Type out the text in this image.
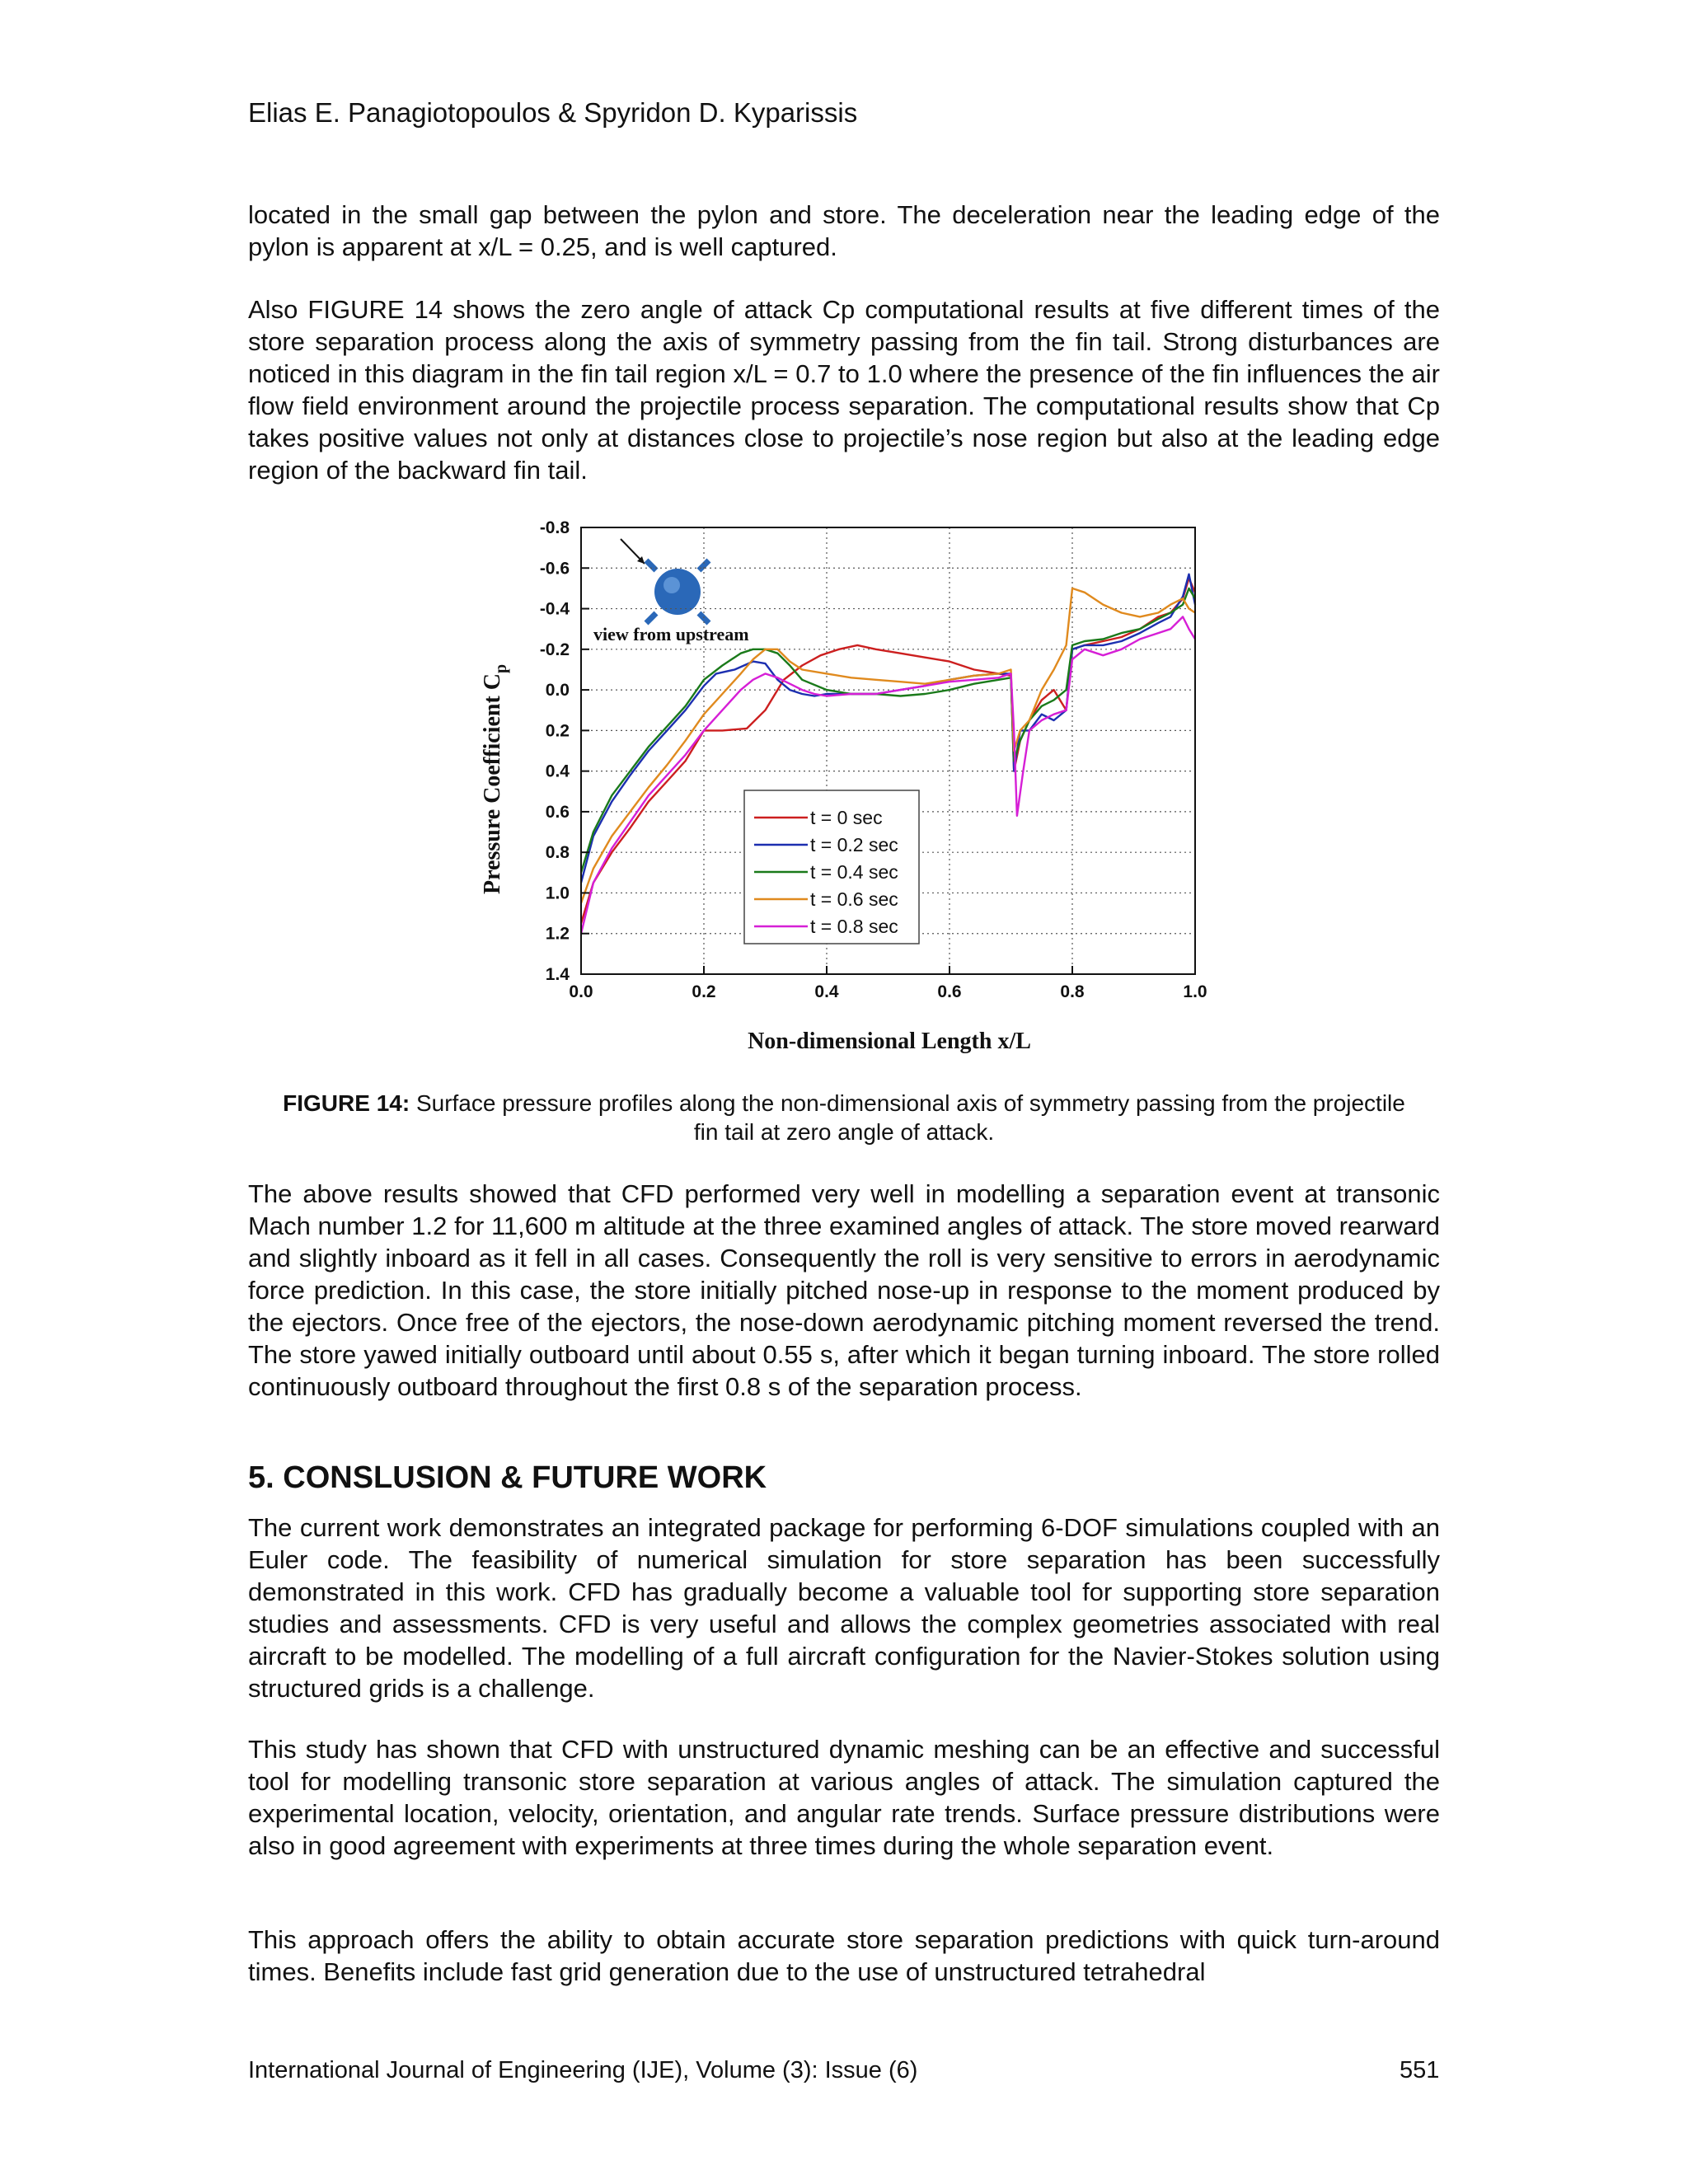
Elias E. Panagiotopoulos & Spyridon D. Kyparissis

located in the small gap between the pylon and store. The deceleration near the leading edge of the pylon is apparent at x/L = 0.25, and is well captured.

Also FIGURE 14 shows the zero angle of attack Cp computational results at five different times of the store separation process along the axis of symmetry passing from the fin tail. Strong disturbances are noticed in this diagram in the fin tail region x/L = 0.7 to 1.0 where the presence of the fin influences the air flow field environment around the projectile process separation. The computational results show that Cp takes positive values not only at distances close to projectile’s nose region but also at the leading edge region of the backward fin tail.

view from upstream
Pressure Coefficient $C_p$
Non-dimensional Length x/L
-0.8
-0.6
-0.4
-0.2
0.0
0.2
0.4
0.6
0.8
1.0
1.2
1.4
0.0	0.2	0.4	0.6	0.8	1.0
t = 0 sec
t = 0.2 sec
t = 0.4 sec
t = 0.6 sec
t = 0.8 sec

FIGURE 14: Surface pressure profiles along the non-dimensional axis of symmetry passing from the projectile fin tail at zero angle of attack.

The above results showed that CFD performed very well in modelling a separation event at transonic Mach number 1.2 for 11,600 m altitude at the three examined angles of attack. The store moved rearward and slightly inboard as it fell in all cases. Consequently the roll is very sensitive to errors in aerodynamic force prediction. In this case, the store initially pitched nose-up in response to the moment produced by the ejectors. Once free of the ejectors, the nose-down aerodynamic pitching moment reversed the trend. The store yawed initially outboard until about 0.55 s, after which it began turning inboard. The store rolled continuously outboard throughout the first 0.8 s of the separation process.

5. CONSLUSION & FUTURE WORK

The current work demonstrates an integrated package for performing 6-DOF simulations coupled with an Euler code. The feasibility of numerical simulation for store separation has been successfully demonstrated in this work. CFD has gradually become a valuable tool for supporting store separation studies and assessments. CFD is very useful and allows the complex geometries associated with real aircraft to be modelled. The modelling of a full aircraft configuration for the Navier-Stokes solution using structured grids is a challenge.

This study has shown that CFD with unstructured dynamic meshing can be an effective and successful tool for modelling transonic store separation at various angles of attack. The simulation captured the experimental location, velocity, orientation, and angular rate trends. Surface pressure distributions were also in good agreement with experiments at three times during the whole separation event.

This approach offers the ability to obtain accurate store separation predictions with quick turn-around times. Benefits include fast grid generation due to the use of unstructured tetrahedral

International Journal of Engineering (IJE), Volume (3): Issue (6)	551
